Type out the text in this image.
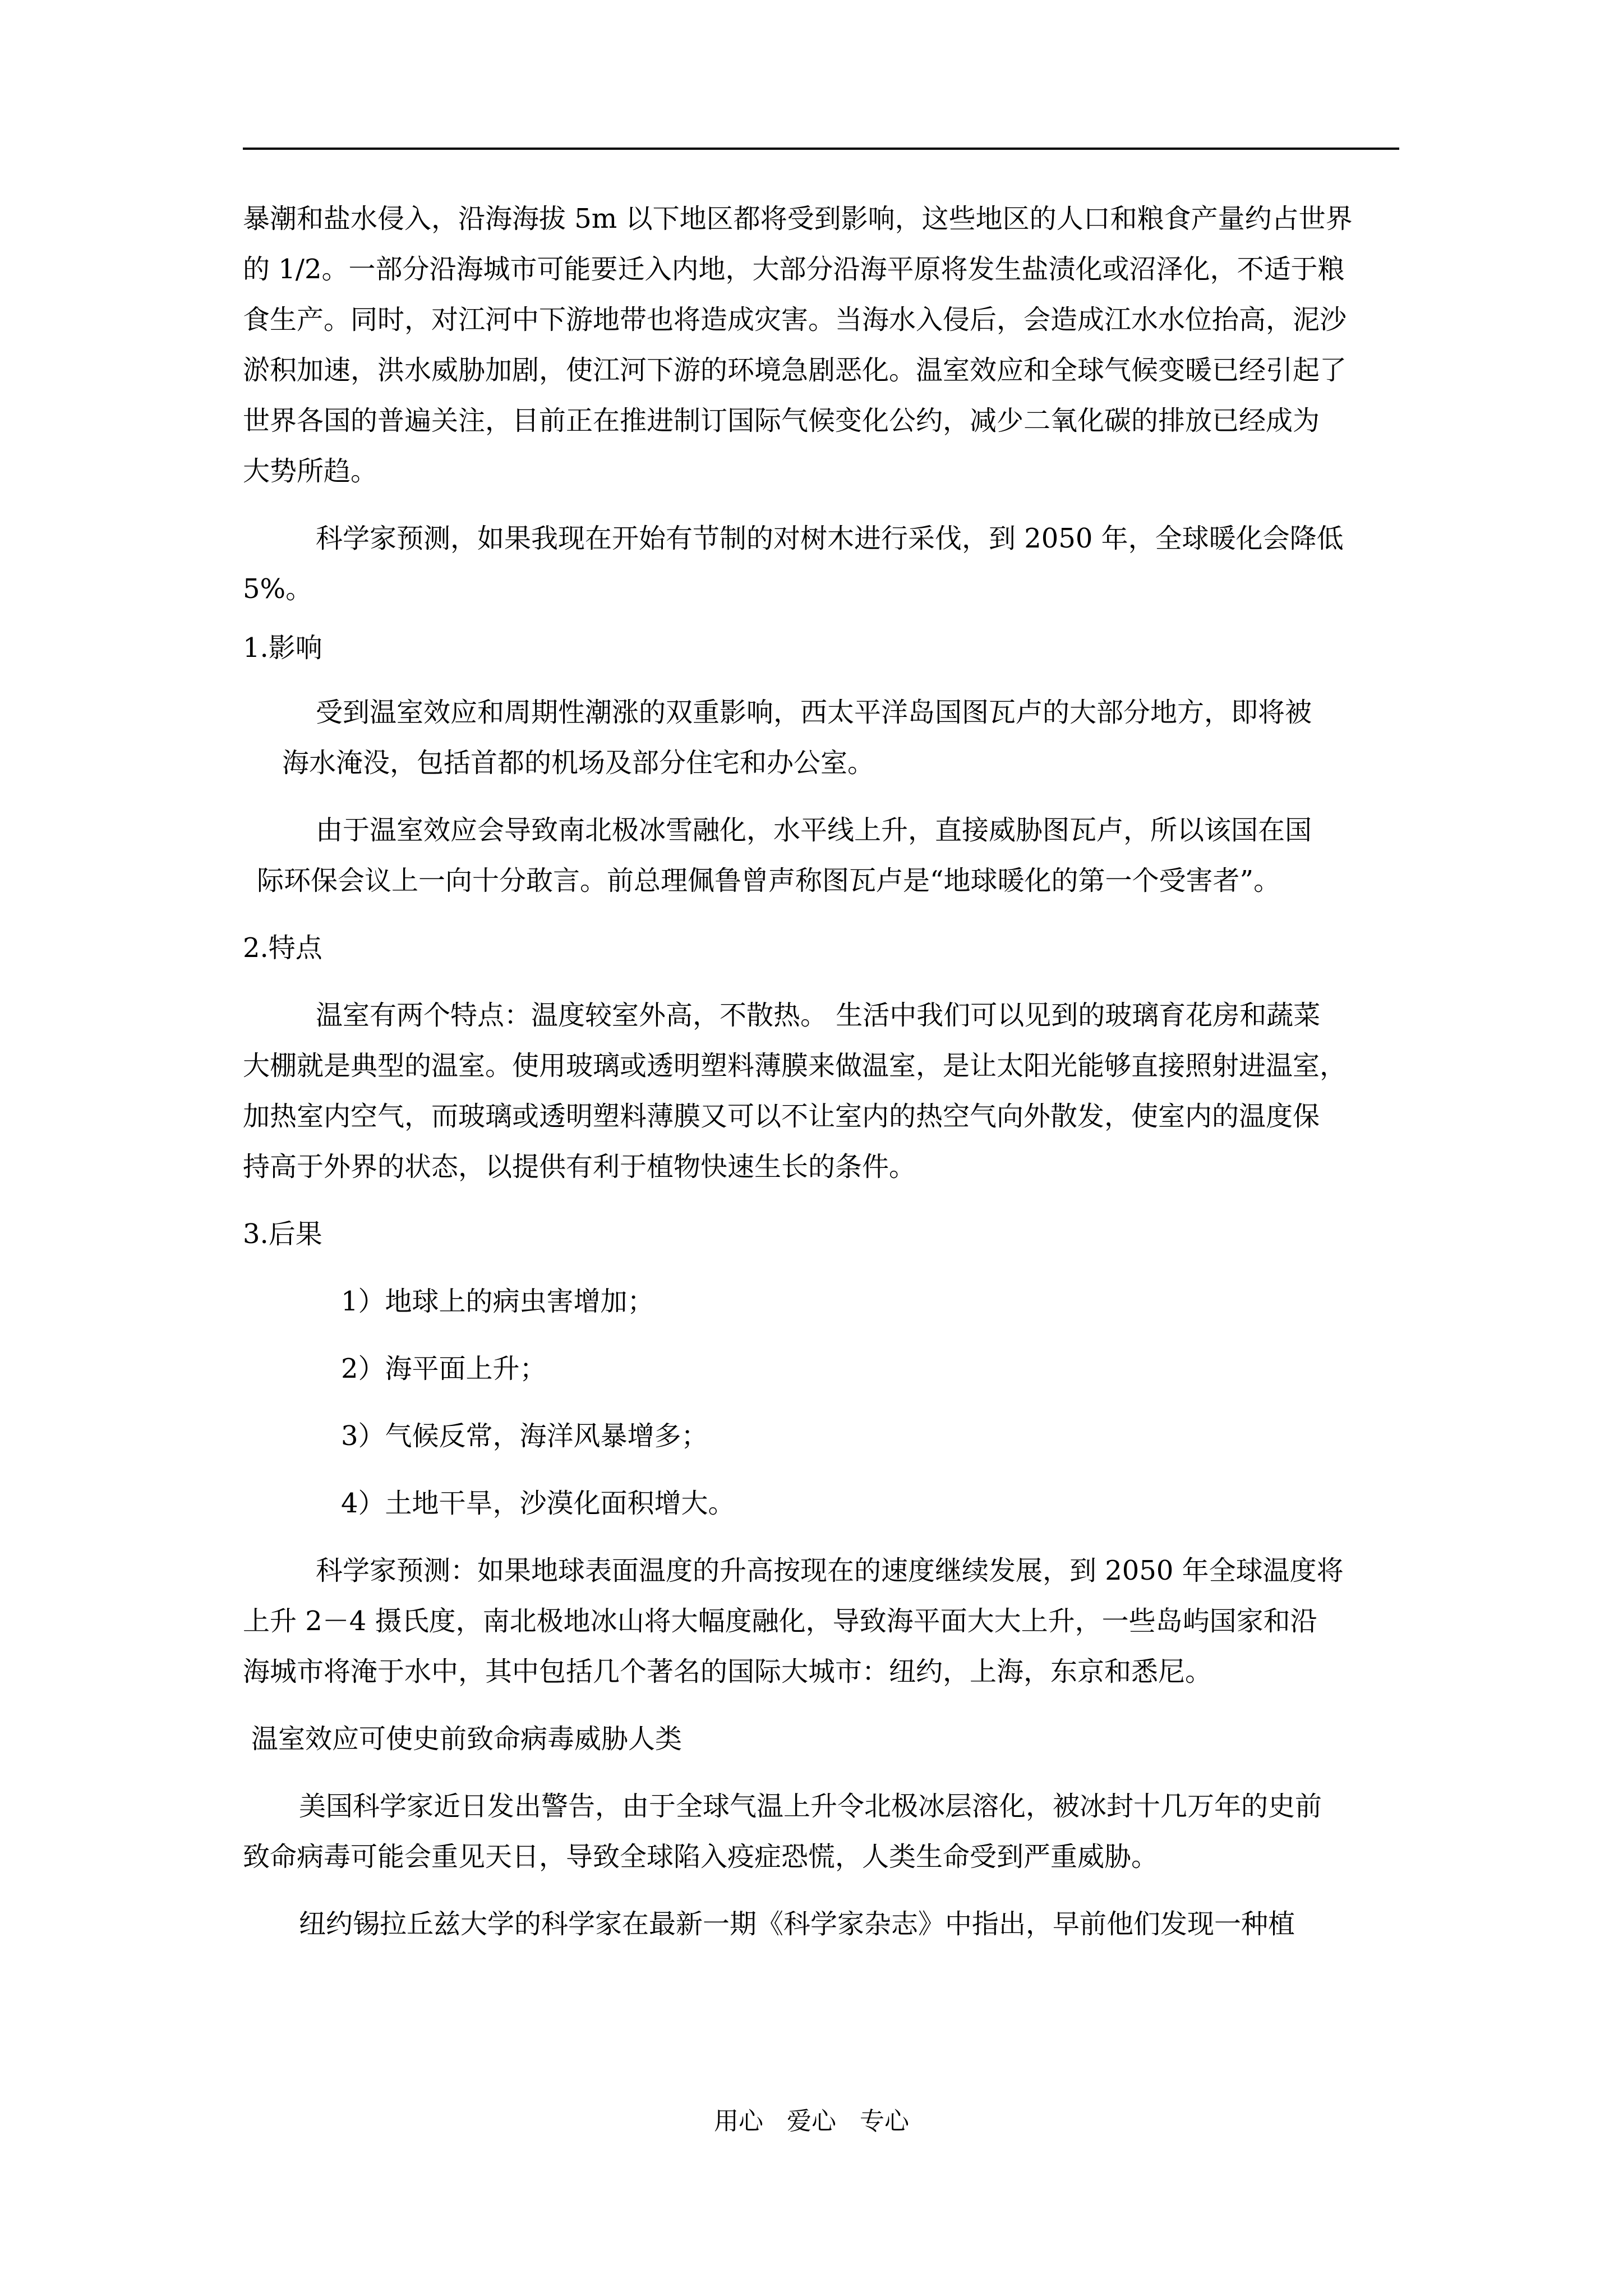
暴潮和盐水侵入，沿海海拔 5m 以下地区都将受到影响，这些地区的人口和粮食产量约占世界
的 1/2。一部分沿海城市可能要迁入内地，大部分沿海平原将发生盐渍化或沼泽化，不适于粮
食生产。同时，对江河中下游地带也将造成灾害。当海水入侵后，会造成江水水位抬高，泥沙
淤积加速，洪水威胁加剧，使江河下游的环境急剧恶化。温室效应和全球气候变暖已经引起了
世界各国的普遍关注，目前正在推进制订国际气候变化公约，减少二氧化碳的排放已经成为
大势所趋。
科学家预测，如果我现在开始有节制的对树木进行采伐，到 2050 年，全球暖化会降低
5%。
1.影响
受到温室效应和周期性潮涨的双重影响，西太平洋岛国图瓦卢的大部分地方，即将被
海水淹没，包括首都的机场及部分住宅和办公室。
由于温室效应会导致南北极冰雪融化，水平线上升，直接威胁图瓦卢，所以该国在国
际环保会议上一向十分敢言。前总理佩鲁曾声称图瓦卢是“地球暖化的第一个受害者”。
2.特点
温室有两个特点：温度较室外高，不散热。 生活中我们可以见到的玻璃育花房和蔬菜
大棚就是典型的温室。使用玻璃或透明塑料薄膜来做温室，是让太阳光能够直接照射进温室，
加热室内空气，而玻璃或透明塑料薄膜又可以不让室内的热空气向外散发，使室内的温度保
持高于外界的状态，以提供有利于植物快速生长的条件。
3.后果
1）地球上的病虫害增加；
2）海平面上升；
3）气候反常，海洋风暴增多；
4）土地干旱，沙漠化面积增大。
科学家预测：如果地球表面温度的升高按现在的速度继续发展，到 2050 年全球温度将
上升 2－4 摄氏度，南北极地冰山将大幅度融化，导致海平面大大上升，一些岛屿国家和沿
海城市将淹于水中，其中包括几个著名的国际大城市：纽约，上海，东京和悉尼。
温室效应可使史前致命病毒威胁人类
美国科学家近日发出警告，由于全球气温上升令北极冰层溶化，被冰封十几万年的史前
致命病毒可能会重见天日，导致全球陷入疫症恐慌，人类生命受到严重威胁。
纽约锡拉丘兹大学的科学家在最新一期《科学家杂志》中指出，早前他们发现一种植
用心   爱心   专心
